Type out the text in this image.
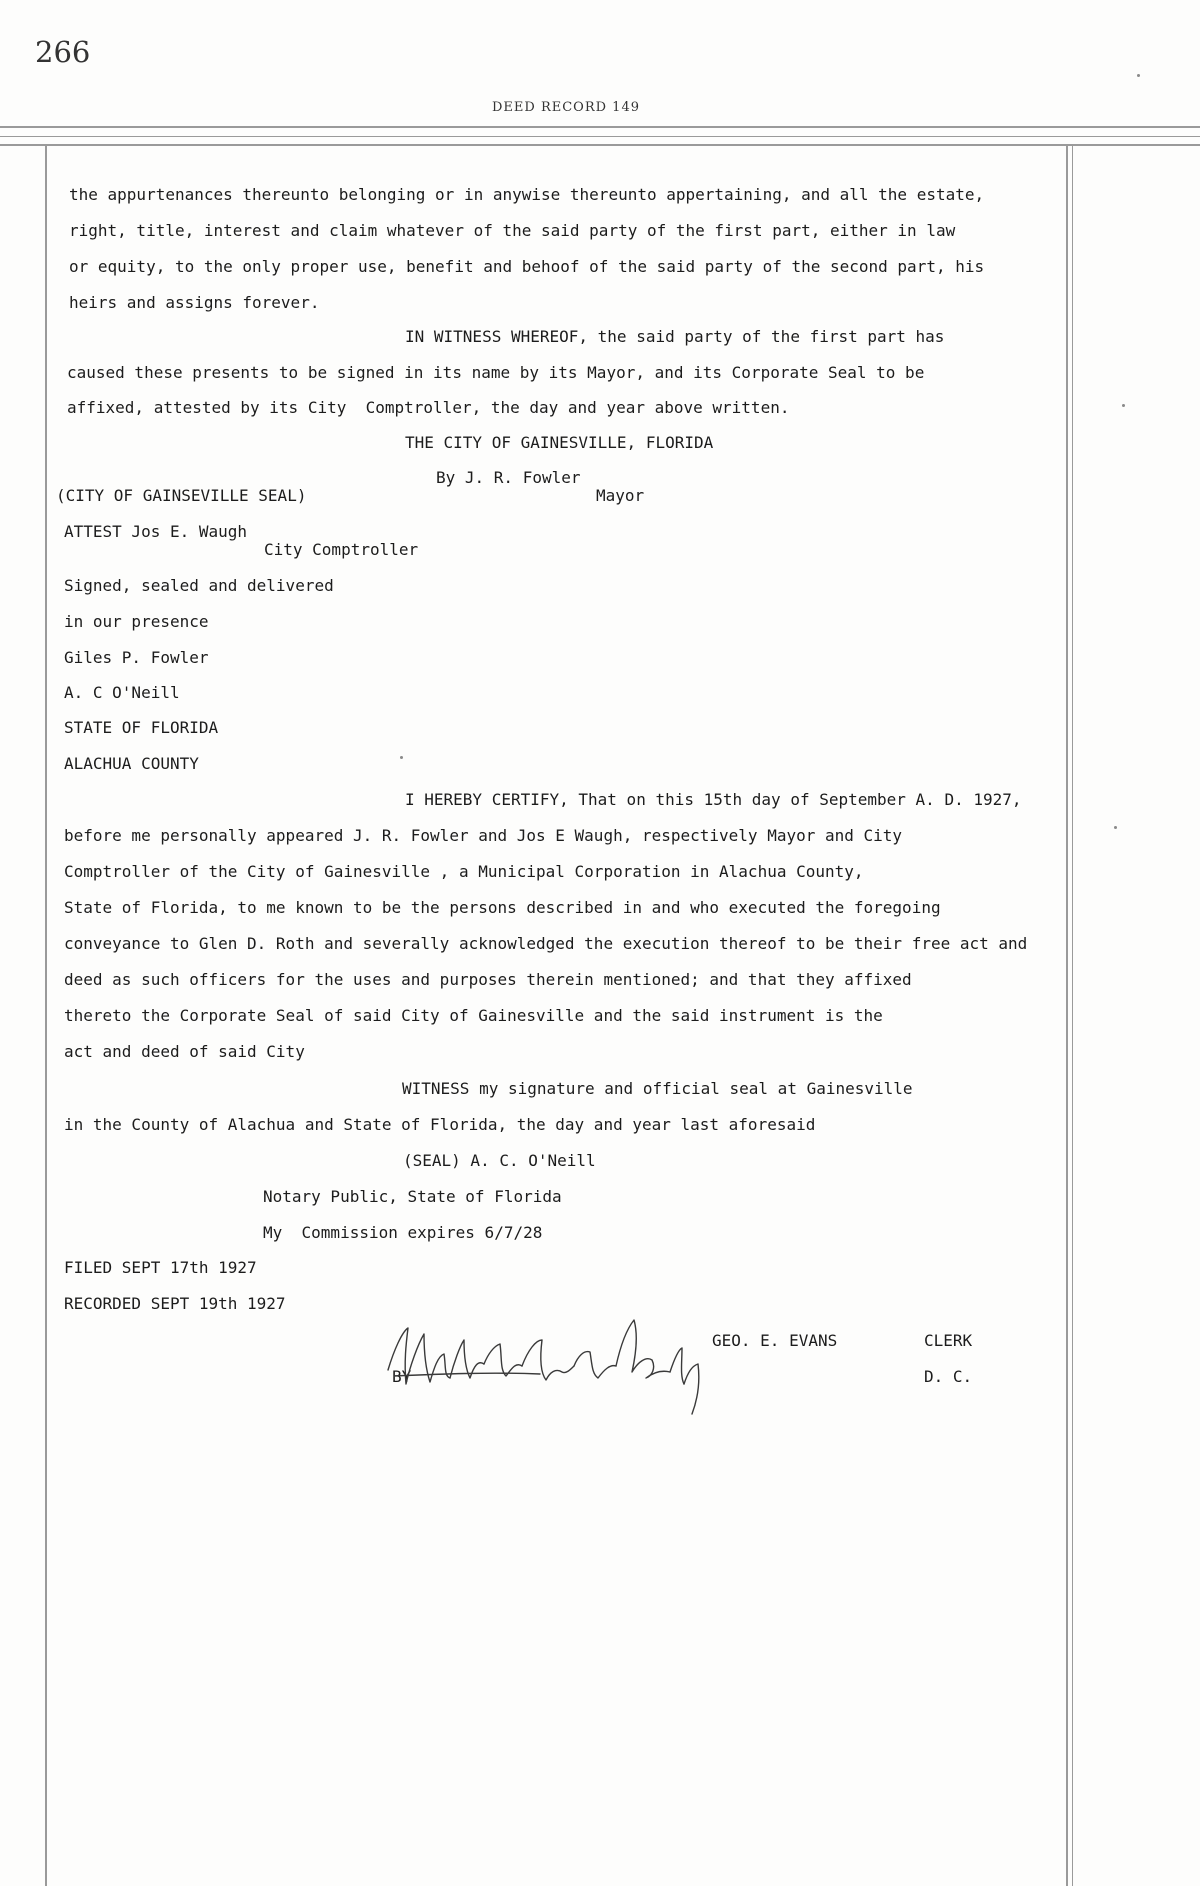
266
DEED RECORD 149
the appurtenances thereunto belonging or in anywise thereunto appertaining, and all the estate,
right, title, interest and claim whatever of the said party of the first part, either in law
or equity, to the only proper use, benefit and behoof of the said party of the second part, his
heirs and assigns forever.
IN WITNESS WHEREOF, the said party of the first part has
caused these presents to be signed in its name by its Mayor, and its Corporate Seal to be
affixed, attested by its City  Comptroller, the day and year above written.
THE CITY OF GAINESVILLE, FLORIDA
By J. R. Fowler
(CITY OF GAINSEVILLE SEAL)	Mayor
ATTEST Jos E. Waugh
City Comptroller
Signed, sealed and delivered
in our presence
Giles P. Fowler
A. C O'Neill
STATE OF FLORIDA
ALACHUA COUNTY
I HEREBY CERTIFY, That on this 15th day of September A. D. 1927,
before me personally appeared J. R. Fowler and Jos E Waugh, respectively Mayor and City
Comptroller of the City of Gainesville , a Municipal Corporation in Alachua County,
State of Florida, to me known to be the persons described in and who executed the foregoing
conveyance to Glen D. Roth and severally acknowledged the execution thereof to be their free act and
deed as such officers for the uses and purposes therein mentioned; and that they affixed
thereto the Corporate Seal of said City of Gainesville and the said instrument is the
act and deed of said City
WITNESS my signature and official seal at Gainesville
in the County of Alachua and State of Florida, the day and year last aforesaid
(SEAL) A. C. O'Neill
Notary Public, State of Florida
My  Commission expires 6/7/28
FILED SEPT 17th 1927
RECORDED SEPT 19th 1927
GEO. E. EVANS	CLERK
BY	D. C.
